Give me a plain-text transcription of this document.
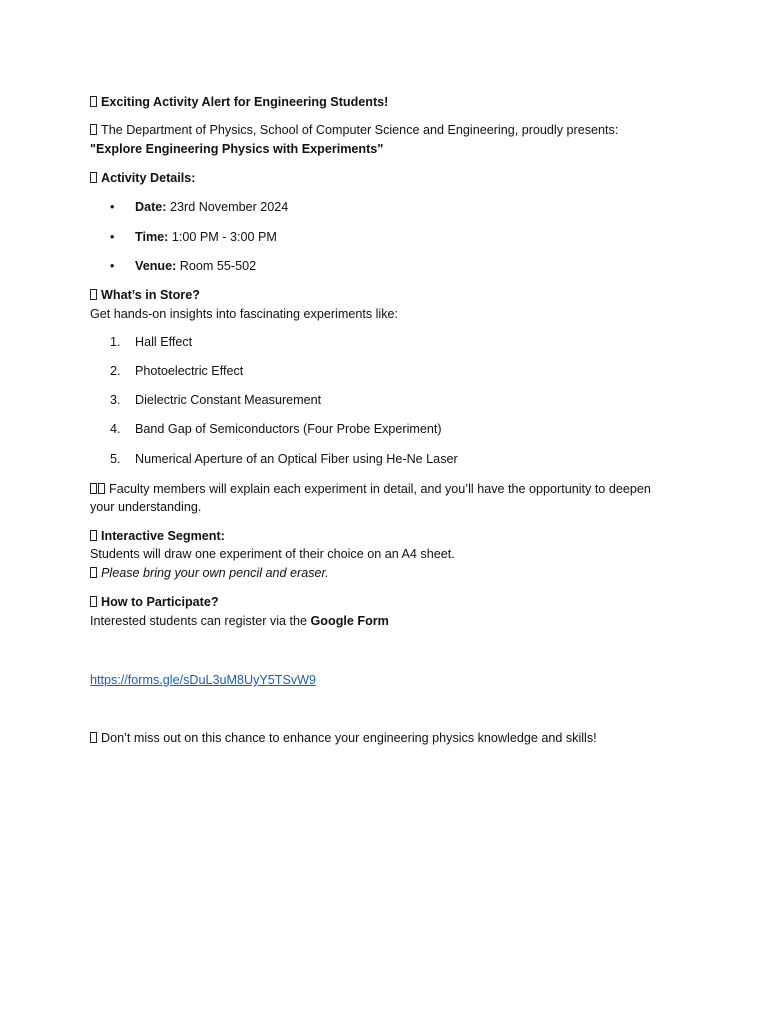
Exciting Activity Alert for Engineering Students!
The Department of Physics, School of Computer Science and Engineering, proudly presents:
"Explore Engineering Physics with Experiments"
Activity Details:
•	Date: 23rd November 2024
•	Time: 1:00 PM - 3:00 PM
•	Venue: Room 55-502
What’s in Store?
Get hands-on insights into fascinating experiments like:
1.	Hall Effect
2.	Photoelectric Effect
3.	Dielectric Constant Measurement
4.	Band Gap of Semiconductors (Four Probe Experiment)
5.	Numerical Aperture of an Optical Fiber using He-Ne Laser
Faculty members will explain each experiment in detail, and you’ll have the opportunity to deepen
your understanding.
Interactive Segment:
Students will draw one experiment of their choice on an A4 sheet.
Please bring your own pencil and eraser.
How to Participate?
Interested students can register via the Google Form
https://forms.gle/sDuL3uM8UyY5TSvW9
Don’t miss out on this chance to enhance your engineering physics knowledge and skills!
